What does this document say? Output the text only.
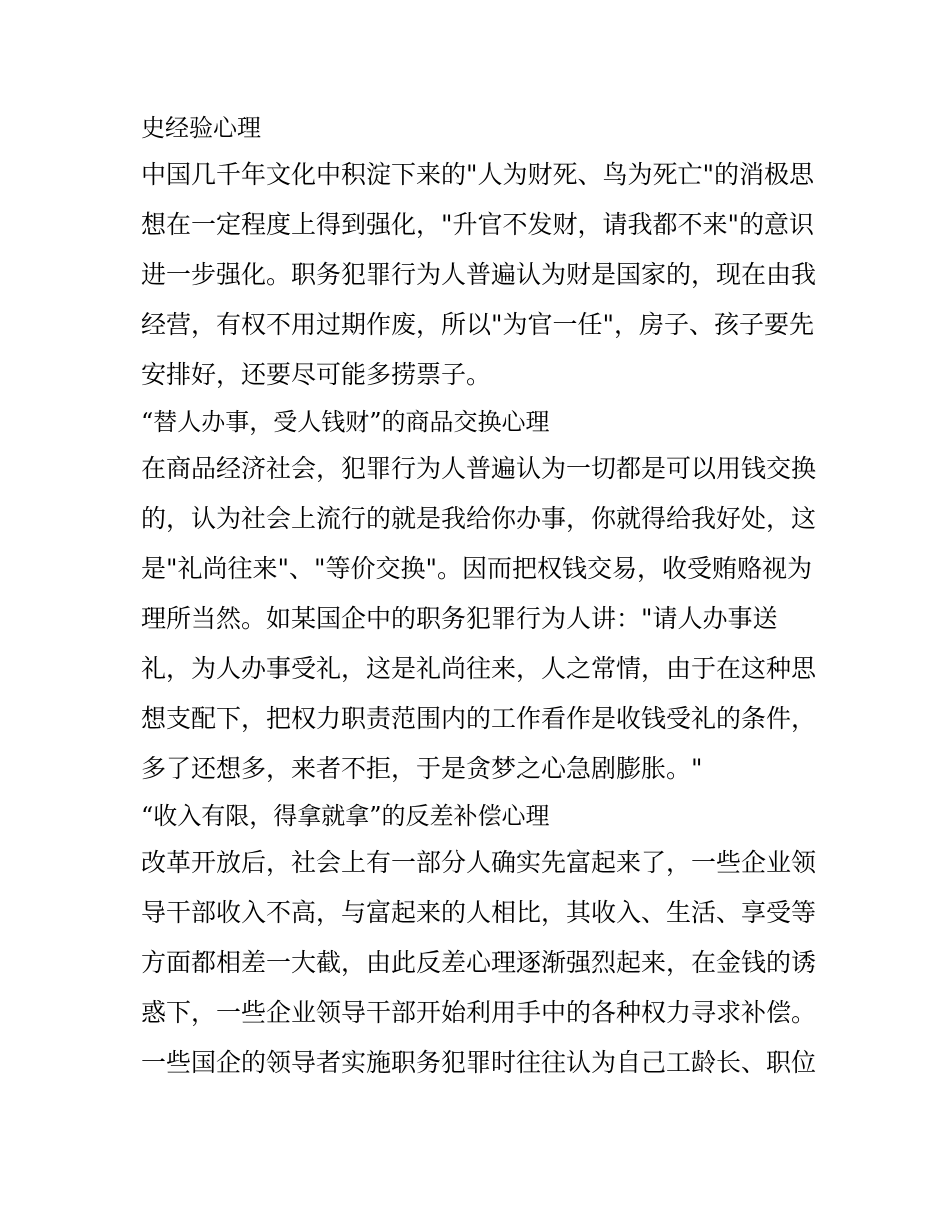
史经验心理
中国几千年文化中积淀下来的"人为财死、鸟为死亡"的消极思
想在一定程度上得到强化，"升官不发财，请我都不来"的意识
进一步强化。职务犯罪行为人普遍认为财是国家的，现在由我
经营，有权不用过期作废，所以"为官一任"，房子、孩子要先
安排好，还要尽可能多捞票子。
“替人办事，受人钱财”的商品交换心理
在商品经济社会，犯罪行为人普遍认为一切都是可以用钱交换
的，认为社会上流行的就是我给你办事，你就得给我好处，这
是"礼尚往来"、"等价交换"。因而把权钱交易，收受贿赂视为
理所当然。如某国企中的职务犯罪行为人讲："请人办事送
礼，为人办事受礼，这是礼尚往来，人之常情，由于在这种思
想支配下，把权力职责范围内的工作看作是收钱受礼的条件，
多了还想多，来者不拒，于是贪梦之心急剧膨胀。"
“收入有限，得拿就拿”的反差补偿心理
改革开放后，社会上有一部分人确实先富起来了，一些企业领
导干部收入不高，与富起来的人相比，其收入、生活、享受等
方面都相差一大截，由此反差心理逐渐强烈起来，在金钱的诱
惑下，一些企业领导干部开始利用手中的各种权力寻求补偿。
一些国企的领导者实施职务犯罪时往往认为自己工龄长、职位
